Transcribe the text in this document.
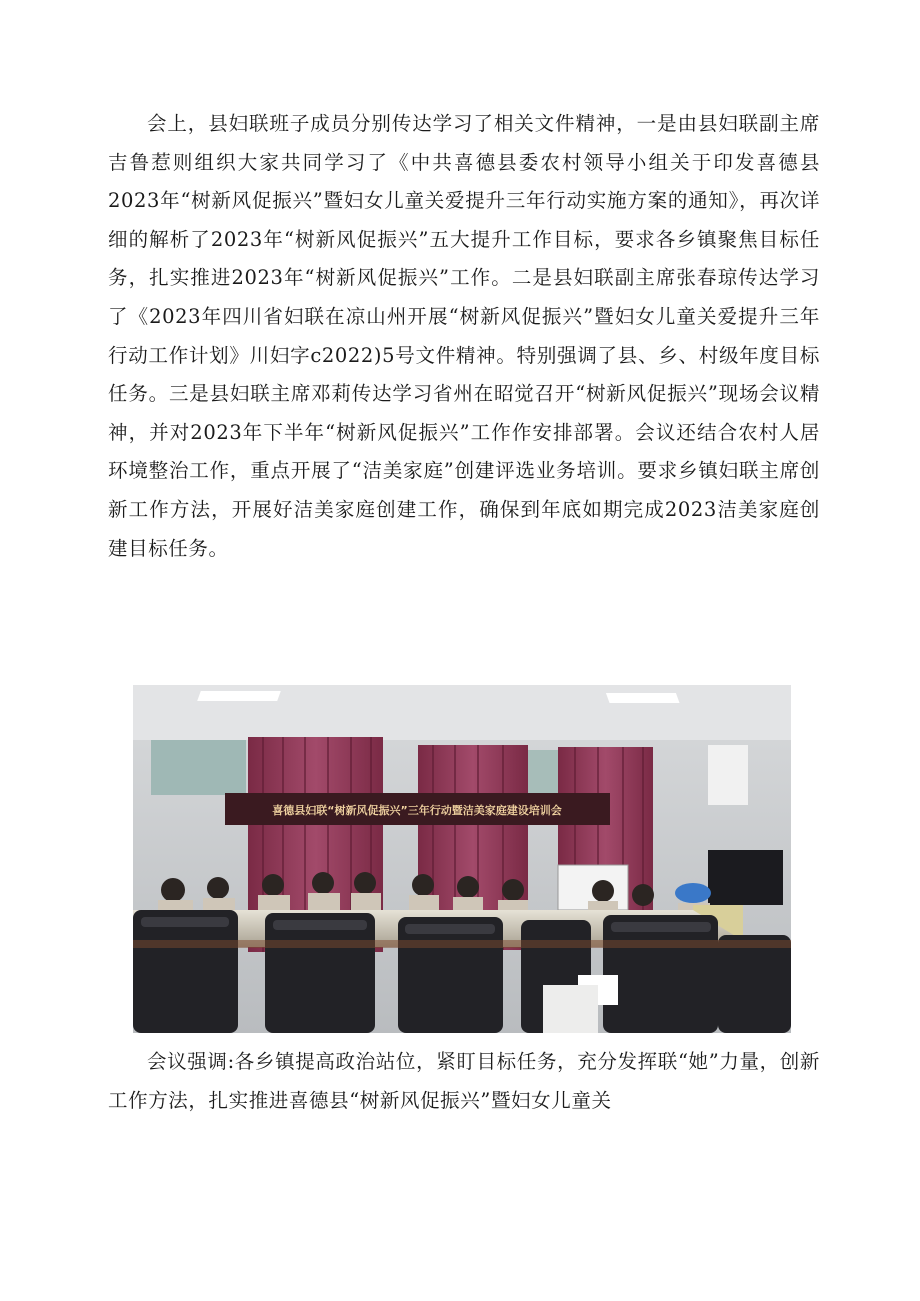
会上，县妇联班子成员分别传达学习了相关文件精神，一是由县妇联副主席吉鲁惹则组织大家共同学习了《中共喜德县委农村领导小组关于印发喜德县2023年“树新风促振兴”暨妇女儿童关爱提升三年行动实施方案的通知》，再次详细的解析了2023年“树新风促振兴”五大提升工作目标，要求各乡镇聚焦目标任务，扎实推进2023年“树新风促振兴”工作。二是县妇联副主席张春琼传达学习了《2023年四川省妇联在凉山州开展“树新风促振兴”暨妇女儿童关爱提升三年行动工作计划》川妇字c2022)5号文件精神。特别强调了县、乡、村级年度目标任务。三是县妇联主席邓莉传达学习省州在昭觉召开“树新风促振兴”现场会议精神，并对2023年下半年“树新风促振兴”工作作安排部署。会议还结合农村人居环境整治工作，重点开展了“洁美家庭”创建评选业务培训。要求乡镇妇联主席创新工作方法，开展好洁美家庭创建工作，确保到年底如期完成2023洁美家庭创建目标任务。

喜德县妇联“树新风促振兴”三年行动暨洁美家庭建设培训会

会议强调:各乡镇提高政治站位，紧盯目标任务，充分发挥联“她”力量，创新工作方法，扎实推进喜德县“树新风促振兴”暨妇女儿童关
